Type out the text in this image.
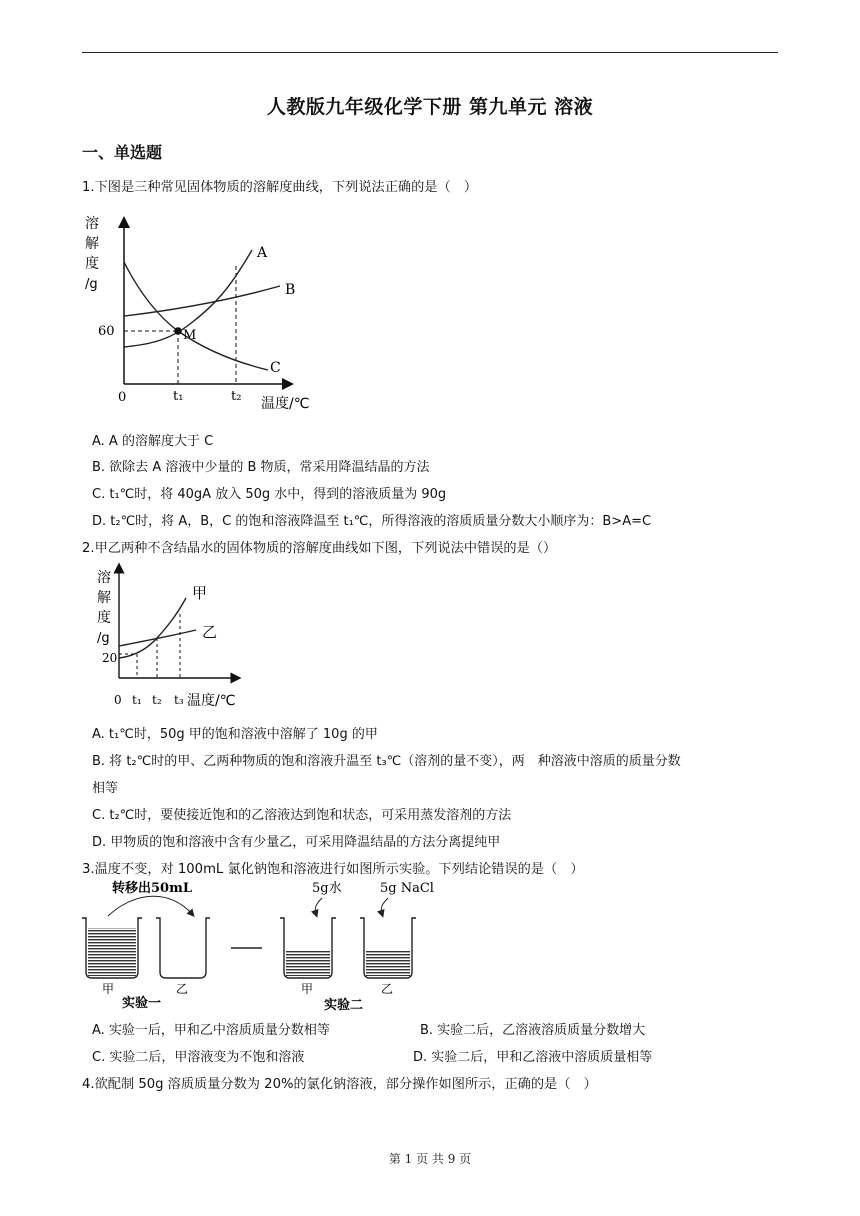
人教版九年级化学下册 第九单元 溶液
一、单选题
1.下图是三种常见固体物质的溶解度曲线，下列说法正确的是（　）
溶
解
度
/g
60
0	t₁	t₂
A
B
C
M
温度/℃
A. A 的溶解度大于 C
B. 欲除去 A 溶液中少量的 B 物质，常采用降温结晶的方法
C. t₁℃时，将 40gA 放入 50g 水中，得到的溶液质量为 90g
D. t₂℃时，将 A，B，C 的饱和溶液降温至 t₁℃，所得溶液的溶质质量分数大小顺序为：B>A=C
2.甲乙两种不含结晶水的固体物质的溶解度曲线如下图，下列说法中错误的是（）
溶
解
度
/g
20
0 t₁ t₂ t₃
甲
乙
温度/℃
A. t₁℃时，50g 甲的饱和溶液中溶解了 10g 的甲
B. 将 t₂℃时的甲、乙两种物质的饱和溶液升温至 t₃℃（溶剂的量不变），两　种溶液中溶质的质量分数
相等
C. t₂℃时，要使接近饱和的乙溶液达到饱和状态，可采用蒸发溶剂的方法
D. 甲物质的饱和溶液中含有少量乙，可采用降温结晶的方法分离提纯甲
3.温度不变，对 100mL 氯化钠饱和溶液进行如图所示实验。下列结论错误的是（　）
转移出50mL	5g水	5g NaCl
甲	乙	甲	乙
实验一	实验二
A. 实验一后，甲和乙中溶质质量分数相等	B. 实验二后，乙溶液溶质质量分数增大
C. 实验二后，甲溶液变为不饱和溶液	D. 实验二后，甲和乙溶液中溶质质量相等
4.欲配制 50g 溶质质量分数为 20%的氯化钠溶液，部分操作如图所示，正确的是（　）
第 1 页 共 9 页
